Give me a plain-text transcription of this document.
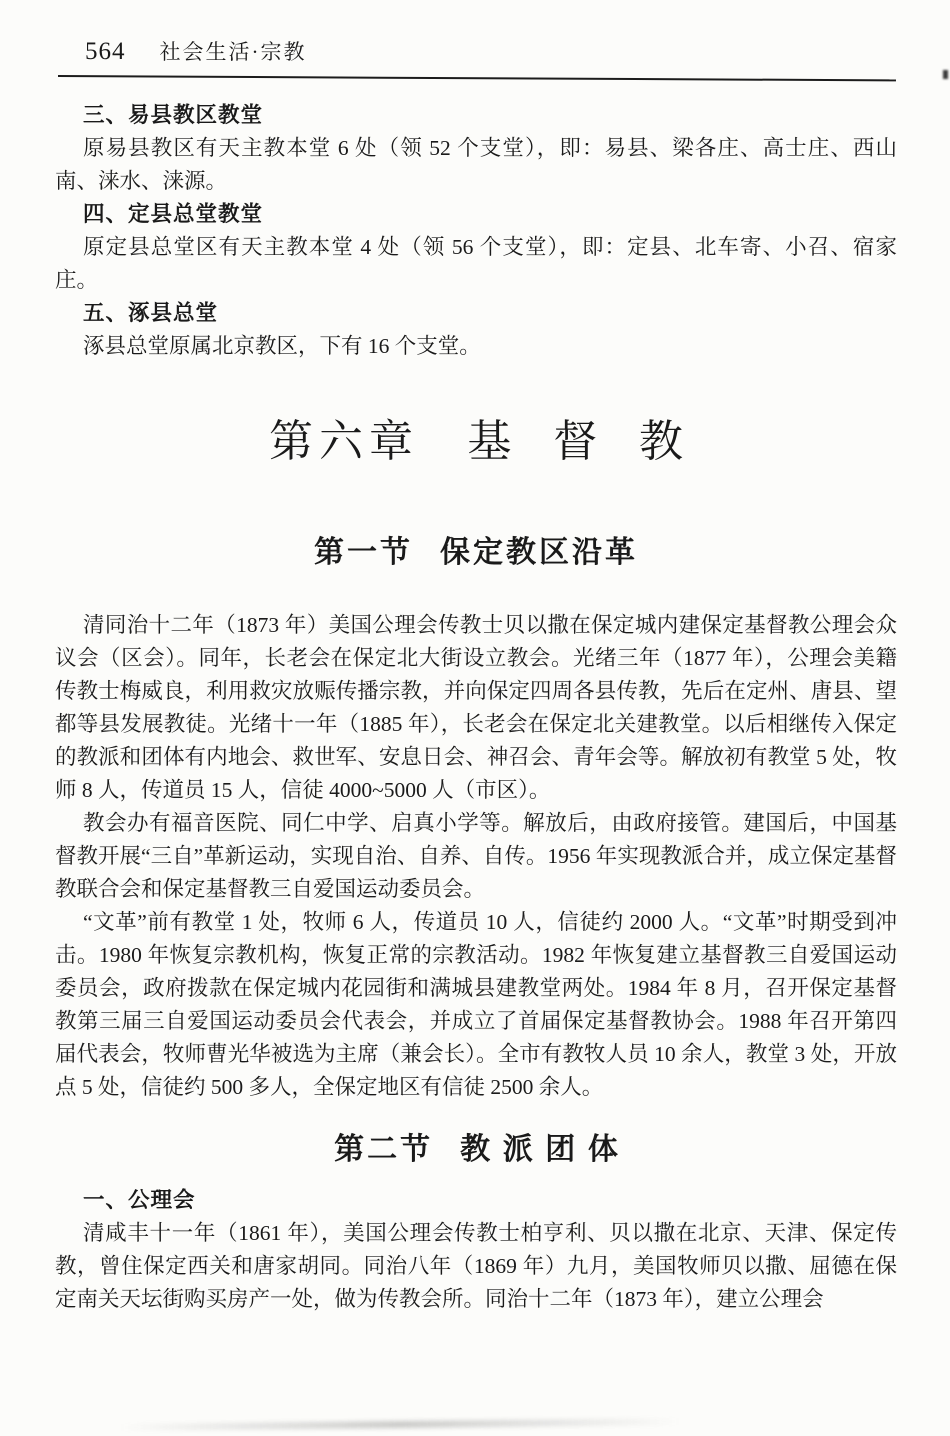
564 社会生活·宗教
三、易县教区教堂

原易县教区有天主教本堂 6 处（领 52 个支堂），即：易县、梁各庄、高士庄、西山南、涞水、涞源。

四、定县总堂教堂

原定县总堂区有天主教本堂 4 处（领 56 个支堂），即：定县、北车寄、小召、宿家庄。

五、涿县总堂

涿县总堂原属北京教区，下有 16 个支堂。

第六章 基督教
第一节 保定教区沿革

清同治十二年（1873 年）美国公理会传教士贝以撒在保定城内建保定基督教公理会众议会（区会）。同年，长老会在保定北大街设立教会。光绪三年（1877 年），公理会美籍传教士梅威良，利用救灾放赈传播宗教，并向保定四周各县传教，先后在定州、唐县、望都等县发展教徒。光绪十一年（1885 年），长老会在保定北关建教堂。以后相继传入保定的教派和团体有内地会、救世军、安息日会、神召会、青年会等。解放初有教堂 5 处，牧师 8 人，传道员 15 人，信徒 4000~5000 人（市区）。

教会办有福音医院、同仁中学、启真小学等。解放后，由政府接管。建国后，中国基督教开展“三自”革新运动，实现自治、自养、自传。1956 年实现教派合并，成立保定基督教联合会和保定基督教三自爱国运动委员会。

“文革”前有教堂 1 处，牧师 6 人，传道员 10 人，信徒约 2000 人。“文革”时期受到冲击。1980 年恢复宗教机构，恢复正常的宗教活动。1982 年恢复建立基督教三自爱国运动委员会，政府拨款在保定城内花园街和满城县建教堂两处。1984 年 8 月，召开保定基督教第三届三自爱国运动委员会代表会，并成立了首届保定基督教协会。1988 年召开第四届代表会，牧师曹光华被选为主席（兼会长）。全市有教牧人员 10 余人，教堂 3 处，开放点 5 处，信徒约 500 多人，全保定地区有信徒 2500 余人。

第二节 教派团体
一、公理会

清咸丰十一年（1861 年），美国公理会传教士柏亨利、贝以撒在北京、天津、保定传教，曾住保定西关和唐家胡同。同治八年（1869 年）九月，美国牧师贝以撒、屈德在保定南关天坛街购买房产一处，做为传教会所。同治十二年（1873 年），建立公理会
